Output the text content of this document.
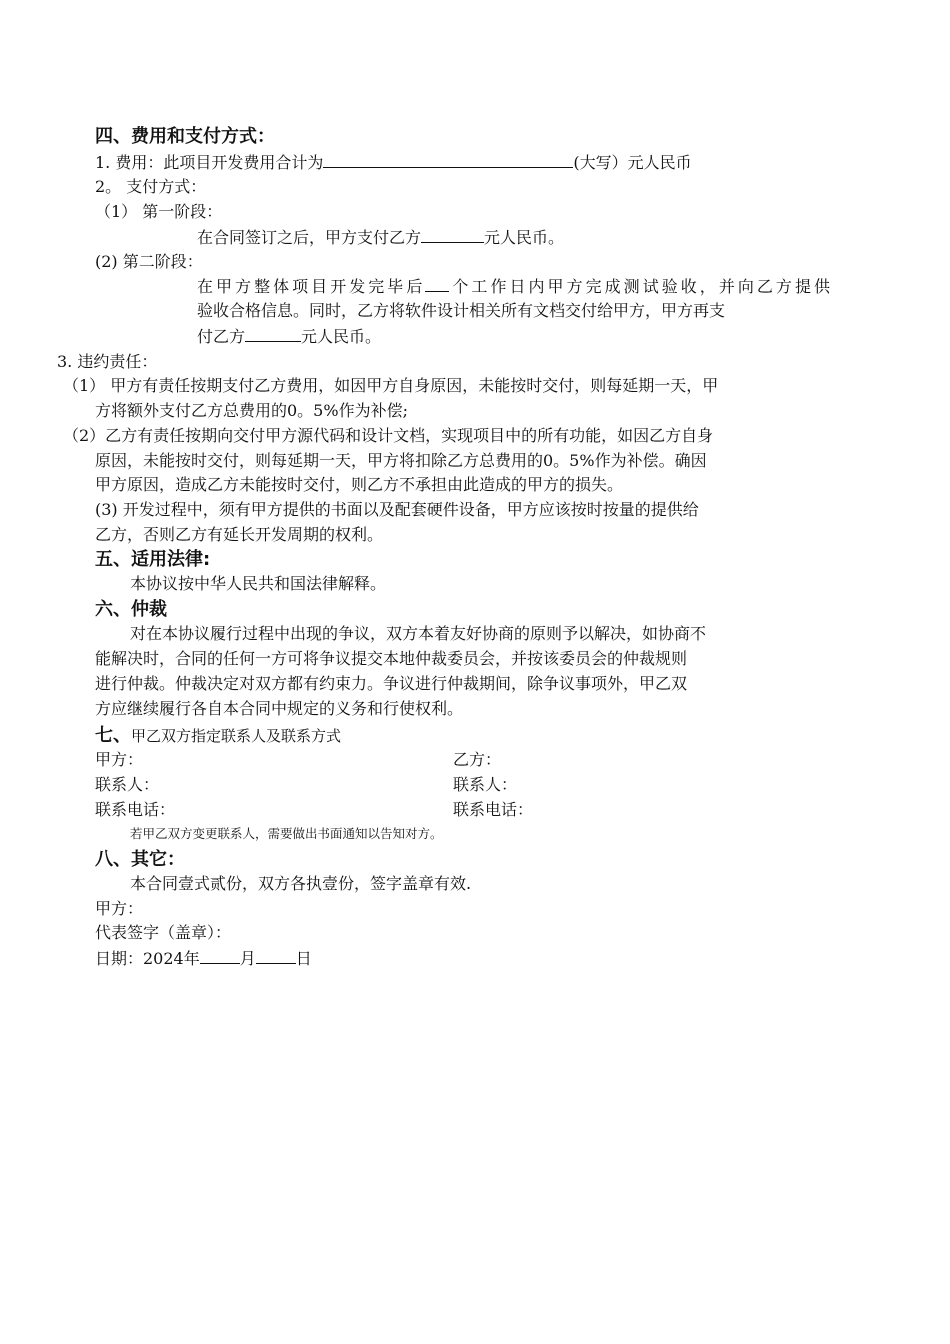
四、费用和支付方式：
1. 费用：此项目开发费用合计为	(大写）元人民币
2。 支付方式：
（1） 第一阶段：
在合同签订之后，甲方支付乙方	元人民币。
(2) 第二阶段：
在甲方整体项目开发完毕后 个工作日内甲方完成测试验收，并向乙方提供
验收合格信息。同时，乙方将软件设计相关所有文档交付给甲方，甲方再支
付乙方	元人民币。
3. 违约责任：
（1） 甲方有责任按期支付乙方费用，如因甲方自身原因，未能按时交付，则每延期一天，甲
方将额外支付乙方总费用的0。5%作为补偿;
（2）乙方有责任按期向交付甲方源代码和设计文档，实现项目中的所有功能，如因乙方自身
原因，未能按时交付，则每延期一天，甲方将扣除乙方总费用的0。5%作为补偿。确因
甲方原因，造成乙方未能按时交付，则乙方不承担由此造成的甲方的损失。
(3) 开发过程中，须有甲方提供的书面以及配套硬件设备，甲方应该按时按量的提供给
乙方，否则乙方有延长开发周期的权利。
五、适用法律:
本协议按中华人民共和国法律解释。
六、仲裁
对在本协议履行过程中出现的争议，双方本着友好协商的原则予以解决，如协商不
能解决时，合同的任何一方可将争议提交本地仲裁委员会，并按该委员会的仲裁规则
进行仲裁。仲裁决定对双方都有约束力。争议进行仲裁期间，除争议事项外，甲乙双
方应继续履行各自本合同中规定的义务和行使权利。
七、甲乙双方指定联系人及联系方式
甲方：	乙方：
联系人：	联系人：
联系电话：	联系电话：
若甲乙双方变更联系人，需要做出书面通知以告知对方。
八、其它：
本合同壹式贰份，双方各执壹份，签字盖章有效.
甲方：
代表签字（盖章）：
日期：2024年	月	日
